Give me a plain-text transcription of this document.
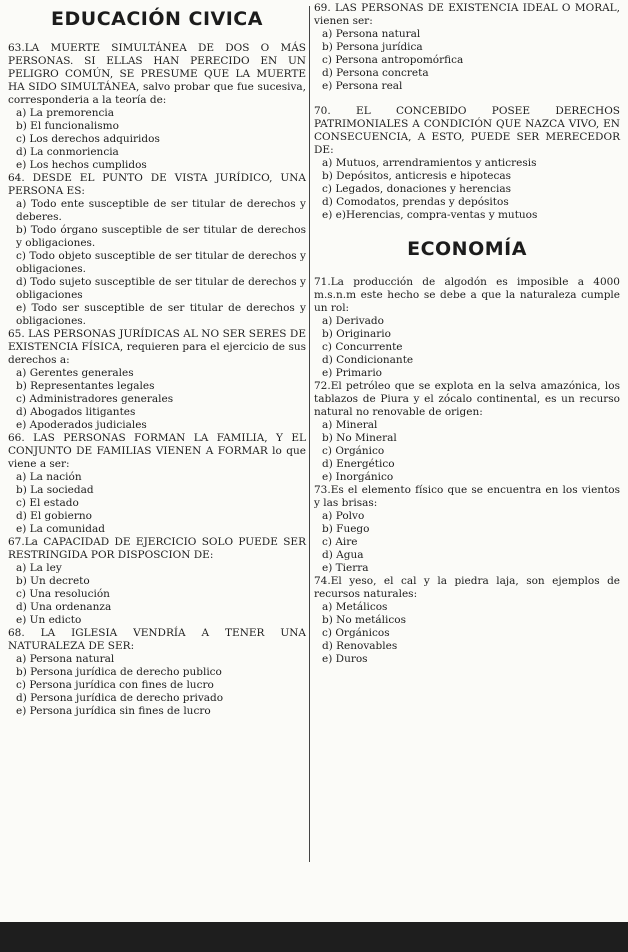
EDUCACIÓN CIVICA
63.LA MUERTE SIMULTÁNEA DE DOS O MÁS PERSONAS. SI ELLAS HAN PERECIDO EN UN PELIGRO COMÚN, SE PRESUME QUE LA MUERTE HA SIDO SIMULTÁNEA, salvo probar que fue sucesiva, corresponderia a la teoría de:
a) La premorencia
b) El funcionalismo
c) Los derechos adquiridos
d) La conmoriencia
e) Los hechos cumplidos
64. DESDE EL PUNTO DE VISTA JURÍDICO, UNA PERSONA ES:
a) Todo ente susceptible de ser titular de derechos y deberes.
b) Todo órgano susceptible de ser titular de derechos y obligaciones.
c) Todo objeto susceptible de ser titular de derechos y obligaciones.
d) Todo sujeto susceptible de ser titular de derechos y obligaciones
e) Todo ser susceptible de ser titular de derechos y obligaciones.
65. LAS PERSONAS JURÍDICAS AL NO SER SERES DE EXISTENCIA FÍSICA, requieren para el ejercicio de sus derechos a:
a) Gerentes generales
b) Representantes legales
c) Administradores generales
d) Abogados litigantes
e) Apoderados judiciales
66. LAS PERSONAS FORMAN LA FAMILIA, Y EL CONJUNTO DE FAMILIAS VIENEN A FORMAR lo que viene a ser:
a) La nación
b) La sociedad
c) El estado
d) El gobierno
e) La comunidad
67.La CAPACIDAD DE EJERCICIO SOLO PUEDE SER RESTRINGIDA POR DISPOSCION DE:
a) La ley
b) Un decreto
c) Una resolución
d) Una ordenanza
e) Un edicto
68. LA IGLESIA VENDRÍA A TENER UNA NATURALEZA DE SER:
a) Persona natural
b) Persona jurídica de derecho publico
c) Persona jurídica con fines de lucro
d) Persona jurídica de derecho privado
e) Persona jurídica sin fines de lucro
69. LAS PERSONAS DE EXISTENCIA IDEAL O MORAL, vienen ser:
a) Persona natural
b) Persona jurídica
c) Persona antropomórfica
d) Persona concreta
e) Persona real
70. EL CONCEBIDO POSEE DERECHOS PATRIMONIALES A CONDICIÓN QUE NAZCA VIVO, EN CONSECUENCIA, A ESTO, PUEDE SER MERECEDOR DE:
a) Mutuos, arrendramientos y anticresis
b) Depósitos, anticresis e hipotecas
c) Legados, donaciones y herencias
d) Comodatos, prendas y depósitos
e) e)Herencias, compra-ventas y mutuos
ECONOMÍA
71.La producción de algodón es imposible a 4000 m.s.n.m este hecho se debe a que la naturaleza cumple un rol:
a) Derivado
b) Originario
c) Concurrente
d) Condicionante
e) Primario
72.El petróleo que se explota en la selva amazónica, los tablazos de Piura y el zócalo continental, es un recurso natural no renovable de origen:
a) Mineral
b) No Mineral
c) Orgánico
d) Energético
e) Inorgánico
73.Es el elemento físico que se encuentra en los vientos y las brisas:
a) Polvo
b) Fuego
c) Aire
d) Agua
e) Tierra
74.El yeso, el cal y la piedra laja, son ejemplos de recursos naturales:
a) Metálicos
b) No metálicos
c) Orgánicos
d) Renovables
e) Duros
